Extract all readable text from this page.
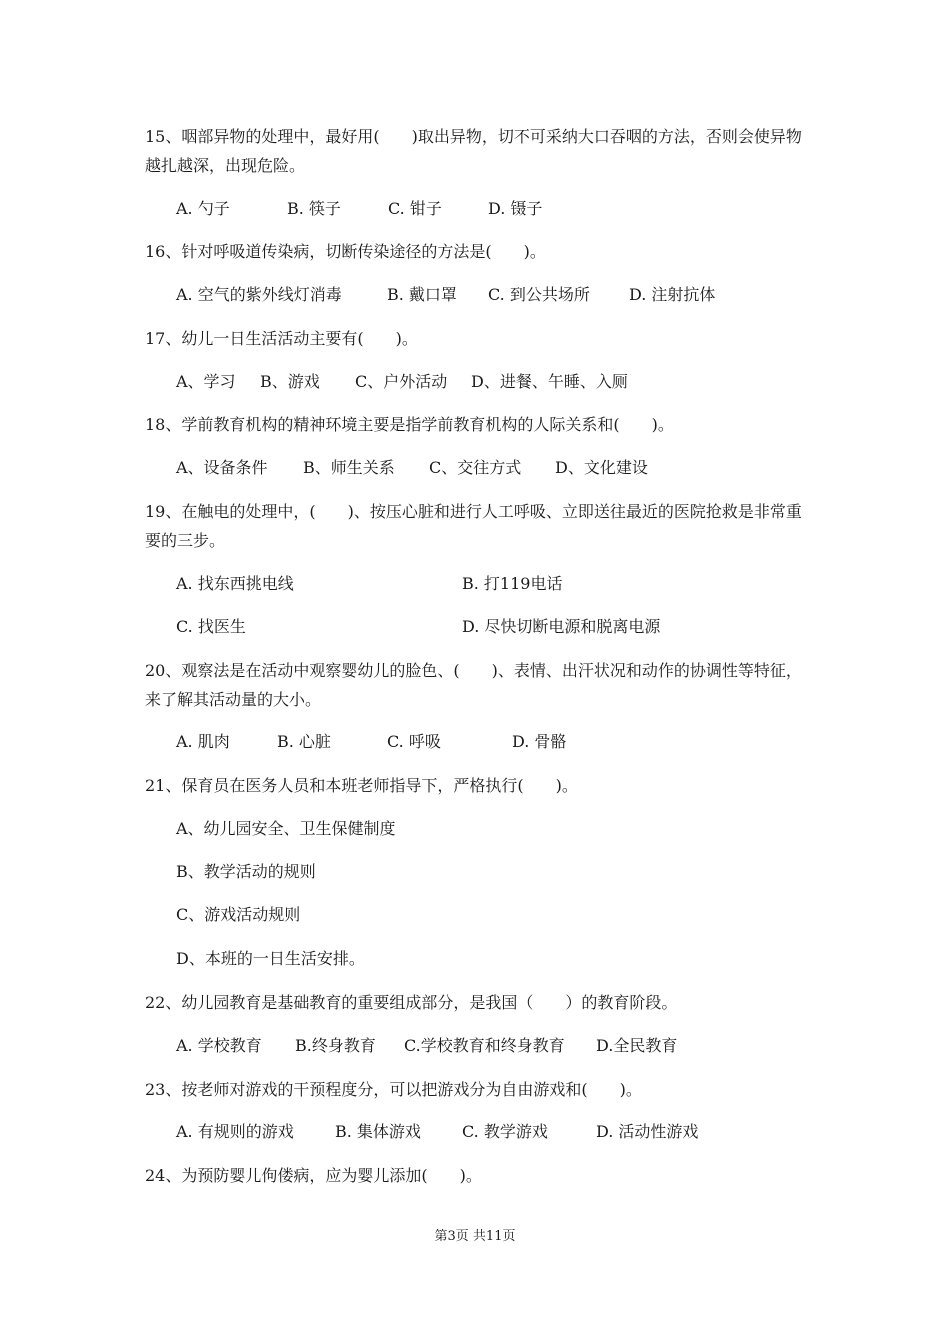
15、咽部异物的处理中，最好用(　　)取出异物，切不可采纳大口吞咽的方法，否则会使异物越扎越深，出现危险。
A. 勺子	B. 筷子	C. 钳子	D. 镊子
16、针对呼吸道传染病，切断传染途径的方法是(　　)。
A. 空气的紫外线灯消毒	B. 戴口罩 C. 到公共场所 D. 注射抗体
17、幼儿一日生活活动主要有(　　)。
A、学习 B、游戏 C、户外活动 D、进餐、午睡、入厕
18、学前教育机构的精神环境主要是指学前教育机构的人际关系和(　　)。
A、设备条件 B、师生关系 C、交往方式 D、文化建设
19、在触电的处理中，(　　)、按压心脏和进行人工呼吸、立即送往最近的医院抢救是非常重要的三步。
A. 找东西挑电线	B. 打119电话
C. 找医生	D. 尽快切断电源和脱离电源
20、观察法是在活动中观察婴幼儿的脸色、(　　)、表情、出汗状况和动作的协调性等特征，来了解其活动量的大小。
A. 肌肉	B. 心脏	C. 呼吸	D. 骨骼
21、保育员在医务人员和本班老师指导下，严格执行(　　)。
A、幼儿园安全、卫生保健制度
B、教学活动的规则
C、游戏活动规则
D、本班的一日生活安排。
22、幼儿园教育是基础教育的重要组成部分，是我国（　　）的教育阶段。
A. 学校教育 B.终身教育 C.学校教育和终身教育 D.全民教育
23、按老师对游戏的干预程度分，可以把游戏分为自由游戏和(　　)。
A. 有规则的游戏	B. 集体游戏	C. 教学游戏	D. 活动性游戏
24、为预防婴儿佝偻病，应为婴儿添加(　　)。
第3页 共11页
